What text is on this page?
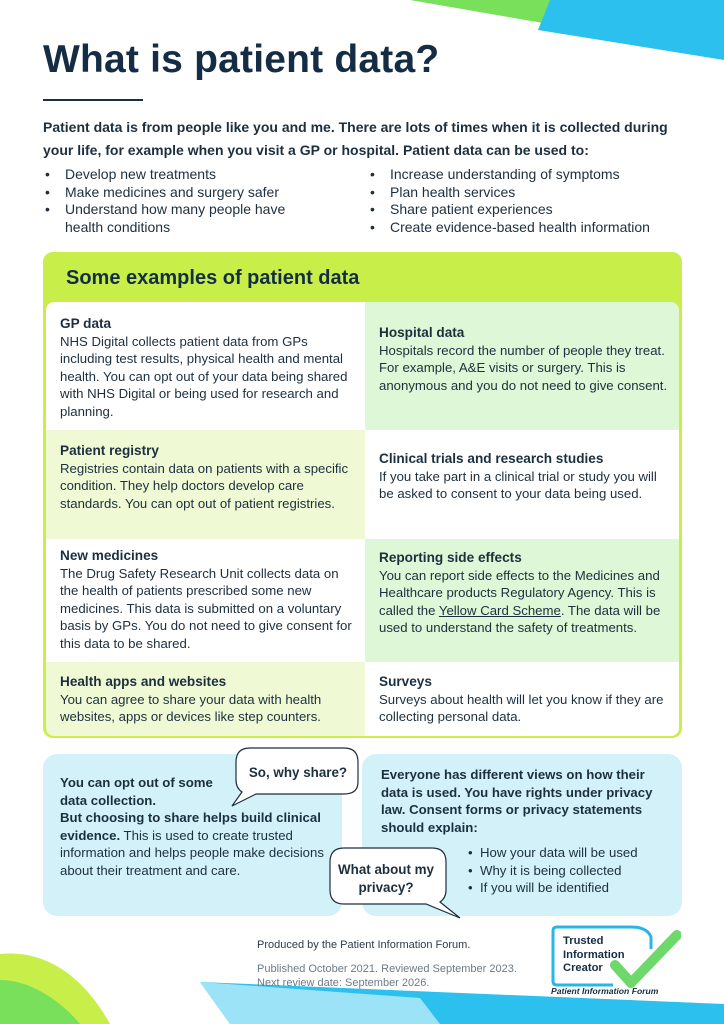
What is patient data?

Patient data is from people like you and me. There are lots of times when it is collected during your life, for example when you visit a GP or hospital. Patient data can be used to:

• Develop new treatments
• Make medicines and surgery safer
• Understand how many people have health conditions
• Increase understanding of symptoms
• Plan health services
• Share patient experiences
• Create evidence-based health information
Some examples of patient data
GP data
NHS Digital collects patient data from GPs including test results, physical health and mental health. You can opt out of your data being shared with NHS Digital or being used for research and planning.
Hospital data
Hospitals record the number of people they treat. For example, A&E visits or surgery. This is anonymous and you do not need to give consent.
Patient registry
Registries contain data on patients with a specific condition. They help doctors develop care standards. You can opt out of patient registries.
Clinical trials and research studies
If you take part in a clinical trial or study you will be asked to consent to your data being used.
New medicines
The Drug Safety Research Unit collects data on the health of patients prescribed some new medicines. This data is submitted on a voluntary basis by GPs. You do not need to give consent for this data to be shared.
Reporting side effects
You can report side effects to the Medicines and Healthcare products Regulatory Agency. This is called the Yellow Card Scheme. The data will be used to understand the safety of treatments.
Health apps and websites
You can agree to share your data with health websites, apps or devices like step counters.
Surveys
Surveys about health will let you know if they are collecting personal data.
You can opt out of some data collection.
But choosing to share helps build clinical evidence. This is used to create trusted information and helps people make decisions about their treatment and care.
So, why share?	Everyone has different views on how their data is used. You have rights under privacy law. Consent forms or privacy statements should explain:
What about my privacy?
• How your data will be used
• Why it is being collected
• If you will be identified
Produced by the Patient Information Forum.
Published October 2021. Reviewed September 2023.
Next review date: September 2026.
Trusted
Information
Creator
Patient Information Forum
